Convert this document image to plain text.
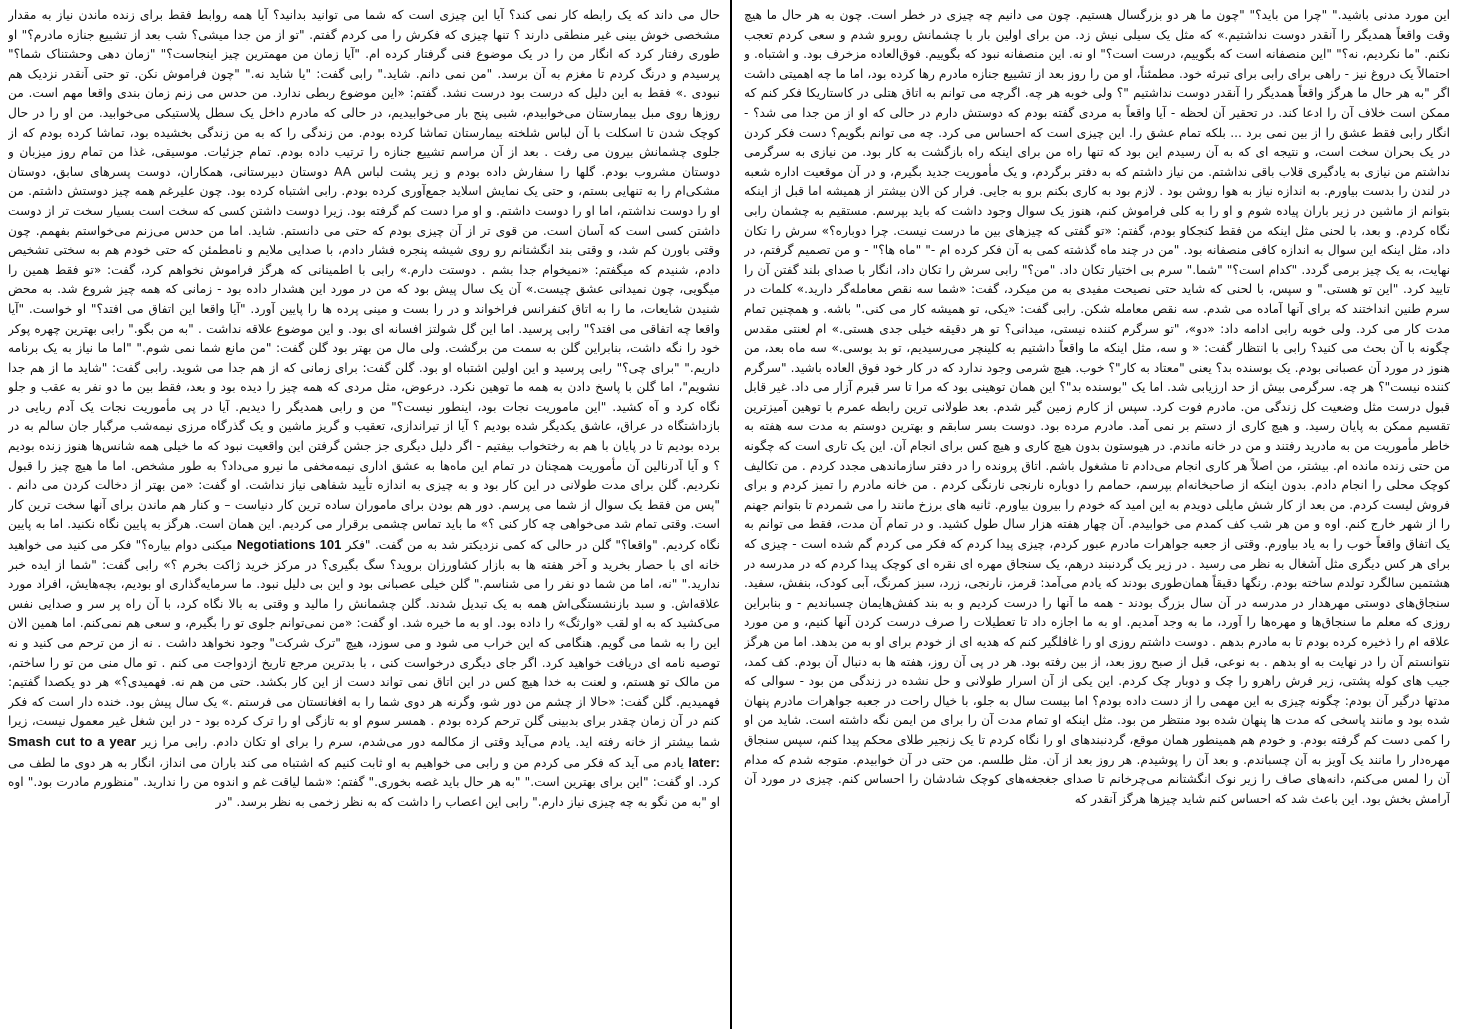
این مورد مدنی باشید." "چرا من باید؟" "چون ما هر دو بزرگسال هستیم. چون می دانیم چه چیزی در خطر است. چون به هر حال ما هیچ وقت واقعاً همدیگر را آنقدر دوست نداشتیم.» که مثل یک سیلی نیش زد. من برای اولین بار با چشمانش روبرو شدم و سعی کردم تعجب نکنم. "ما نکردیم، نه؟" "این منصفانه است که بگوییم، درست است؟" او نه. این منصفانه نبود که بگوییم. فوق‌العاده مزخرف بود. و اشتباه. و احتمالاً یک دروغ نیز - راهی برای رابی برای تبرئه خود. مطمئناً، او من را روز بعد از تشییع جنازه مادرم رها کرده بود، اما ما چه اهمیتی داشت اگر "به هر حال ما هرگز واقعاً همدیگر را آنقدر دوست نداشتیم "؟ ولی خوبه هر چه. اگرچه می توانم به اتاق هتلی در کاستاریکا فکر کنم که ممکن است خلاف آن را ادعا کند. در تحقیر آن لحظه - آیا واقعاً به مردی گفته بودم که دوستش دارم در حالی که او از من جدا می شد؟ - انگار رابی فقط عشق را از بین نمی برد ... بلکه تمام عشق را. این چیزی است که احساس می کرد. چه می توانم بگویم؟ دست فکر کردن در یک بحران سخت است، و نتیجه ای که به آن رسیدم این بود که تنها راه من برای اینکه راه بازگشت به کار بود. من نیازی به سرگرمی نداشتم من نیازی به یادگیری قلاب باقی نداشتم. من نیاز داشتم که به دفتر برگردم، و یک مأموریت جدید بگیرم، و در آن موقعیت اداره شعبه در لندن را بدست بیاورم. به اندازه نیاز به هوا روشن بود . لازم بود به کاری بکنم برو به جایی. فرار کن الان بیشتر از همیشه اما قبل از اینکه بتوانم از ماشین در زیر باران پیاده شوم و او را به کلی فراموش کنم، هنوز یک سوال وجود داشت که باید بپرسم. مستقیم به چشمان رابی نگاه کردم. و بعد، با لحنی مثل اینکه من فقط کنجکاو بودم، گفتم: «تو گفتی که چیزهای بین ما درست نیست. چرا دوباره؟» سرش را تکان داد، مثل اینکه این سوال به اندازه کافی منصفانه بود. "من در چند ماه گذشته کمی به آن فکر کرده ام -" "ماه ها؟" - و من تصمیم گرفتم، در نهایت، به یک چیز برمی گردد. "کدام است؟" "شما." سرم بی اختیار تکان داد. "من؟" رابی سرش را تکان داد، انگار با صدای بلند گفتن آن را تایید کرد. "این تو هستی." و سپس، با لحنی که شاید حتی نصیحت مفیدی به من میکرد، گفت: «شما سه نقص معامله‌گر دارید.» کلمات در سرم طنین انداختند که برای آنها آماده می شدم. سه نقص معامله شکن. رابی گفت: «یکی، تو همیشه کار می کنی." باشه. و همچنین تمام مدت کار می کرد. ولی خوبه رابی ادامه داد: «دو»، "تو سرگرم کننده نیستی، میدانی؟ تو هر دقیقه خیلی جدی هستی.» ام لعنتی مقدس چگونه با آن بحث می کنید؟ رابی با انتظار گفت: « و سه، مثل اینکه ما واقعاً داشتیم به کلینچر می‌رسیدیم، تو بد بوسی.» سه ماه بعد، من هنوز در مورد آن عصبانی بودم. یک بوسنده بد؟ یعنی "معتاد به کار"؟ خوب. هیچ شرمی وجود ندارد که در کار خود فوق العاده باشید. "سرگرم کننده نیست"؟ هر چه. سرگرمی بیش از حد ارزیابی شد. اما یک "بوسنده بد"؟ این همان توهینی بود که مرا تا سر قبرم آزار می داد. غیر قابل قبول درست مثل وضعیت کل زندگی من. مادرم فوت کرد. سپس از کارم زمین گیر شدم. بعد طولانی ترین رابطه عمرم با توهین آمیزترین تقسیم ممکن به پایان رسید. و هیچ کاری از دستم بر نمی آمد. مادرم مرده بود. دوست بسر سابقم و بهترین دوستم به مدت سه هفته به خاطر مأموریت من به مادرید رفتند و من در خانه ماندم. در هیوستون بدون هیچ کاری و هیچ کس برای انجام آن. این یک تاری است که چگونه من حتی زنده مانده ام. بیشتر، من اصلاً هر کاری انجام می‌دادم تا مشغول باشم. اتاق پرونده را در دفتر سازماندهی مجدد کردم . من تکالیف کوچک محلی را انجام دادم. بدون اینکه از صاحبخانه‌ام بپرسم، حمامم را دوباره نارنجی نارنگی کردم . من خانه مادرم را تمیز کردم و برای فروش لیست کردم. من بعد از کار شش مایلی دویدم به این امید که خودم را بیرون بیاورم. ثانیه های برزخ مانند را می شمردم تا بتوانم جهنم را از شهر خارج کنم. اوه و من هر شب کف کمدم می خوابیدم. آن چهار هفته هزار سال طول کشید. و در تمام آن مدت، فقط می توانم به یک اتفاق واقعاً خوب را به یاد بیاورم. وقتی از جعبه جواهرات مادرم عبور کردم، چیزی پیدا کردم که فکر می کردم گم شده است - چیزی که برای هر کس دیگری مثل آشغال به نظر می رسید . در زیر یک گردنبند درهم، یک سنجاق مهره ای نقره ای کوچک پیدا کردم که در مدرسه در هشتمین سالگرد تولدم ساخته بودم. رنگها دقیقاً همان‌طوری بودند که یادم می‌آمد: قرمز، نارنجی، زرد، سبز کمرنگ، آبی کودک، بنفش، سفید. سنجاق‌های دوستی مهرهدار در مدرسه در آن سال بزرگ بودند - همه ما آنها را درست کردیم و به بند کفش‌هایمان چسباندیم - و بنابراین روزی که معلم ما سنجاق‌ها و مهره‌ها را آورد، ما به وجد آمدیم. او به ما اجازه داد تا تعطیلات را صرف درست کردن آنها کنیم، و من مورد علاقه ام را ذخیره کرده بودم تا به مادرم بدهم . دوست داشتم روزی او را غافلگیر کنم که هدیه ای از خودم برای او به من بدهد. اما من هرگز نتوانستم آن را در نهایت به او بدهم . به نوعی، قبل از صبح روز بعد، از بین رفته بود. هر در پی آن روز، هفته ها به دنبال آن بودم. کف کمد، جیب های کوله پشتی، زیر فرش راهرو را چک و دوبار چک کردم. این یکی از آن اسرار طولانی و حل نشده در زندگی من بود - سوالی که مدتها درگیر آن بودم: چگونه چیزی به این مهمی را از دست داده بودم؟ اما بیست سال به جلو، با خیال راحت در جعبه جواهرات مادرم پنهان شده بود و مانند پاسخی که مدت ها پنهان شده بود منتظر من بود. مثل اینکه او تمام مدت آن را برای من ایمن نگه داشته است. شاید من او را کمی دست کم گرفته بودم. و خودم هم همینطور همان موقع، گردنبندهای او را نگاه کردم تا یک زنجیر طلای محکم پیدا کنم، سپس سنجاق مهره‌دار را مانند یک آویز به آن چسباندم. و بعد آن را پوشیدم. هر روز بعد از آن. مثل طلسم. من حتی در آن خوابیدم. متوجه شدم که مدام آن را لمس می‌کنم، دانه‌های صاف را زیر نوک انگشتانم می‌چرخانم تا صدای جغجغه‌های کوچک شادشان را احساس کنم. چیزی در مورد آن آرامش بخش بود. این باعث شد که احساس کنم شاید چیزها هرگز آنقدر که

حال می داند که یک رابطه کار نمی کند؟ آیا این چیزی است که شما می توانید بدانید؟ آیا همه روابط فقط برای زنده ماندن نیاز به مقدار مشخصی خوش بینی غیر منطقی دارند ؟ تنها چیزی که فکرش را می کردم گفتم. "تو از من جدا میشی؟ شب بعد از تشییع جنازه مادرم؟" او طوری رفتار کرد که انگار من را در یک موضوع فنی گرفتار کرده ام. "آیا زمان من مهمترین چیز اینجاست؟" "زمان دهی وحشتناک شما؟" پرسیدم و درنگ کردم تا مغزم به آن برسد. "من نمی دانم. شاید." رابی گفت: "یا شاید نه." "چون فراموش نکن. تو حتی آنقدر نزدیک هم نبودی .» فقط به این دلیل که درست بود درست نشد. گفتم: «این موضوع ربطی ندارد. من حدس می زنم زمان بندی واقعا مهم است. من روزها روی مبل بیمارستان می‌خوابیدم، شبی پنج بار می‌خوابیدیم، در حالی که مادرم داخل یک سطل پلاستیکی می‌خوابید. من او را در حال کوچک شدن تا اسکلت با آن لباس شلخته بیمارستان تماشا کرده بودم. من زندگی را که به من زندگی بخشیده بود، تماشا کرده بودم که از جلوی چشمانش بیرون می رفت . بعد از آن مراسم تشییع جنازه را ترتیب داده بودم. تمام جزئیات. موسیقی، غذا من تمام روز میزبان و دوستان مشروب بودم. گلها را سفارش داده بودم و زیر پشت لباس AA دوستان دبیرستانی، همکاران، دوست پسرهای سابق، دوستان مشکی‌ام را به تنهایی بستم، و حتی یک نمایش اسلاید جمع‌آوری کرده بودم. رابی اشتباه کرده بود. چون علیرغم همه چیز دوستش داشتم. من او را دوست نداشتم، اما او را دوست داشتم. و او مرا دست کم گرفته بود. زیرا دوست داشتن کسی که سخت است بسیار سخت تر از دوست داشتن کسی است که آسان است. من قوی تر از آن چیزی بودم که حتی می دانستم. شاید. اما من حدس می‌زنم می‌خواستم بفهمم. چون وقتی باورن کم شد، و وقتی بند انگشتانم رو روی شیشه پنجره فشار دادم، با صدایی ملایم و نامطمئن که حتی خودم هم به سختی تشخیص دادم، شنیدم که میگفتم: «نمیخوام جدا بشم . دوستت دارم.» رابی با اطمینانی که هرگز فراموش نخواهم کرد، گفت: «تو فقط همین را میگویی، چون نمیدانی عشق چیست.» آن یک سال پیش بود که من در مورد این هشدار داده بود - زمانی که همه چیز شروع شد. به محض شنیدن شایعات، ما را به اتاق کنفرانس فراخواند و در را بست و مینی پرده ها را پایین آورد. "آیا واقعا این اتفاق می افتد؟" او خواست. "آیا واقعا چه اتفاقی می افتد؟" رابی پرسید. اما این گل شولتز افسانه ای بود. و این موضوع علاقه نداشت . "به من بگو." رابی بهترین چهره پوکر خود را نگه داشت، بنابراین گلن به سمت من برگشت. ولی مال من بهتر بود گلن گفت: "من مانع شما نمی شوم." "اما ما نیاز به یک برنامه داریم." "برای چی؟" رابی پرسید و این اولین اشتباه او بود. گلن گفت: برای زمانی که از هم جدا می شوید. رابی گفت: "شاید ما از هم جدا نشویم"، اما گلن با پاسخ دادن به همه ما توهین نکرد. درعوض، مثل مردی که همه چیز را دیده بود و بعد، فقط بین ما دو نفر به عقب و جلو نگاه کرد و آه کشید. "این ماموریت نجات بود، اینطور نیست؟" من و رابی همدیگر را دیدیم. آیا در پی مأموریت نجات یک آدم ربایی در بازداشتگاه در عراق، عاشق یکدیگر شده بودیم ؟ آیا از تیراندازی، تعقیب و گریز ماشین و یک گذرگاه مرزی نیمه‌شب مرگبار جان سالم به در برده بودیم تا در پایان با هم به رختخواب بیفتیم - اگر دلیل دیگری جز جشن گرفتن این واقعیت نبود که ما خیلی همه شانس‌ها هنوز زنده بودیم ؟ و آیا آدرنالین آن مأموریت همچنان در تمام این ماه‌ها به عشق اداری نیمه‌مخفی ما نیرو می‌داد؟ به طور مشخص. اما ما هیچ چیز را قبول نکردیم. گلن برای مدت طولانی در این کار بود و به چیزی به اندازه تأیید شفاهی نیاز نداشت. او گفت: «من بهتر از دخالت کردن می دانم . "پس من فقط یک سوال از شما می پرسم. دور هم بودن برای ماموران ساده ترین کار دنیاست – و کنار هم ماندن برای آنها سخت ترین کار است. وقتی تمام شد می‌خواهی چه کار کنی ؟» ما باید تماس چشمی برقرار می کردیم. این همان است. هرگز به پایین نگاه نکنید. اما به پایین نگاه کردیم. "واقعا؟" گلن در حالی که کمی نزدیکتر شد به من گفت. "فکر Negotiations 101 میکنی دوام بیاره؟" فکر می کنید می خواهید خانه ای با حصار بخرید و آخر هفته ها به بازار کشاورزان بروید؟ سگ بگیری؟ در مرکز خرید ژاکت بخرم ؟» رابی گفت: "شما از ایده خبر ندارید." "نه، اما من شما دو نفر را می شناسم." گلن خیلی عصبانی بود و این بی دلیل نبود. ما سرمایه‌گذاری او بودیم، بچه‌هایش، افراد مورد علاقه‌اش. و سبد بازنشستگی‌اش همه به یک تبدیل شدند. گلن چشمانش را مالید و وقتی به بالا نگاه کرد، با آن راه پر سر و صدایی نفس می‌کشید که به او لقب «وارثگ» را داده بود. او به ما خیره شد. او گفت: «من نمی‌توانم جلوی تو را بگیرم، و سعی هم نمی‌کنم. اما همین الان این را به شما می گویم. هنگامی که این خراب می شود و می سوزد، هیچ "ترک شرکت" وجود نخواهد داشت . نه از من ترحم می کنید و نه توصیه نامه ای دریافت خواهید کرد. اگر جای دیگری درخواست کنی ، با بدترین مرجع تاریخ ازدواجت می کنم . تو مال منی من تو را ساختم، من مالک تو هستم، و لعنت به خدا هیچ کس در این اتاق نمی تواند دست از این کار بکشد. حتی من هم نه. فهمیدی؟» هر دو یکصدا گفتیم: فهمیدیم. گلن گفت: «حالا از چشم من دور شو، وگرنه هر دوی شما را به افغانستان می فرستم .» یک سال پیش بود. خنده دار است که فکر کنم در آن زمان چقدر برای بدبینی گلن ترحم کرده بودم . همسر سوم او به تازگی او را ترک کرده بود - در این شغل غیر معمول نیست، زیرا شما بیشتر از خانه رفته اید. یادم می‌آید وقتی از مکالمه دور می‌شدم، سرم را برای او تکان دادم. رابی مرا زیر Smash cut to a year later: یادم می آید که فکر می کردم من و رابی می خواهیم به او ثابت کنیم که اشتباه می کند باران می انداز، انگار به هر دوی ما لطف می کرد. او گفت: "این برای بهترین است." "به هر حال باید غصه بخوری." گفتم: «شما لیاقت غم و اندوه من را ندارید. "منظورم مادرت بود." اوه او "به من نگو به چه چیزی نیاز دارم." رابی این اعصاب را داشت که به نظر زخمی به نظر برسد. "در
